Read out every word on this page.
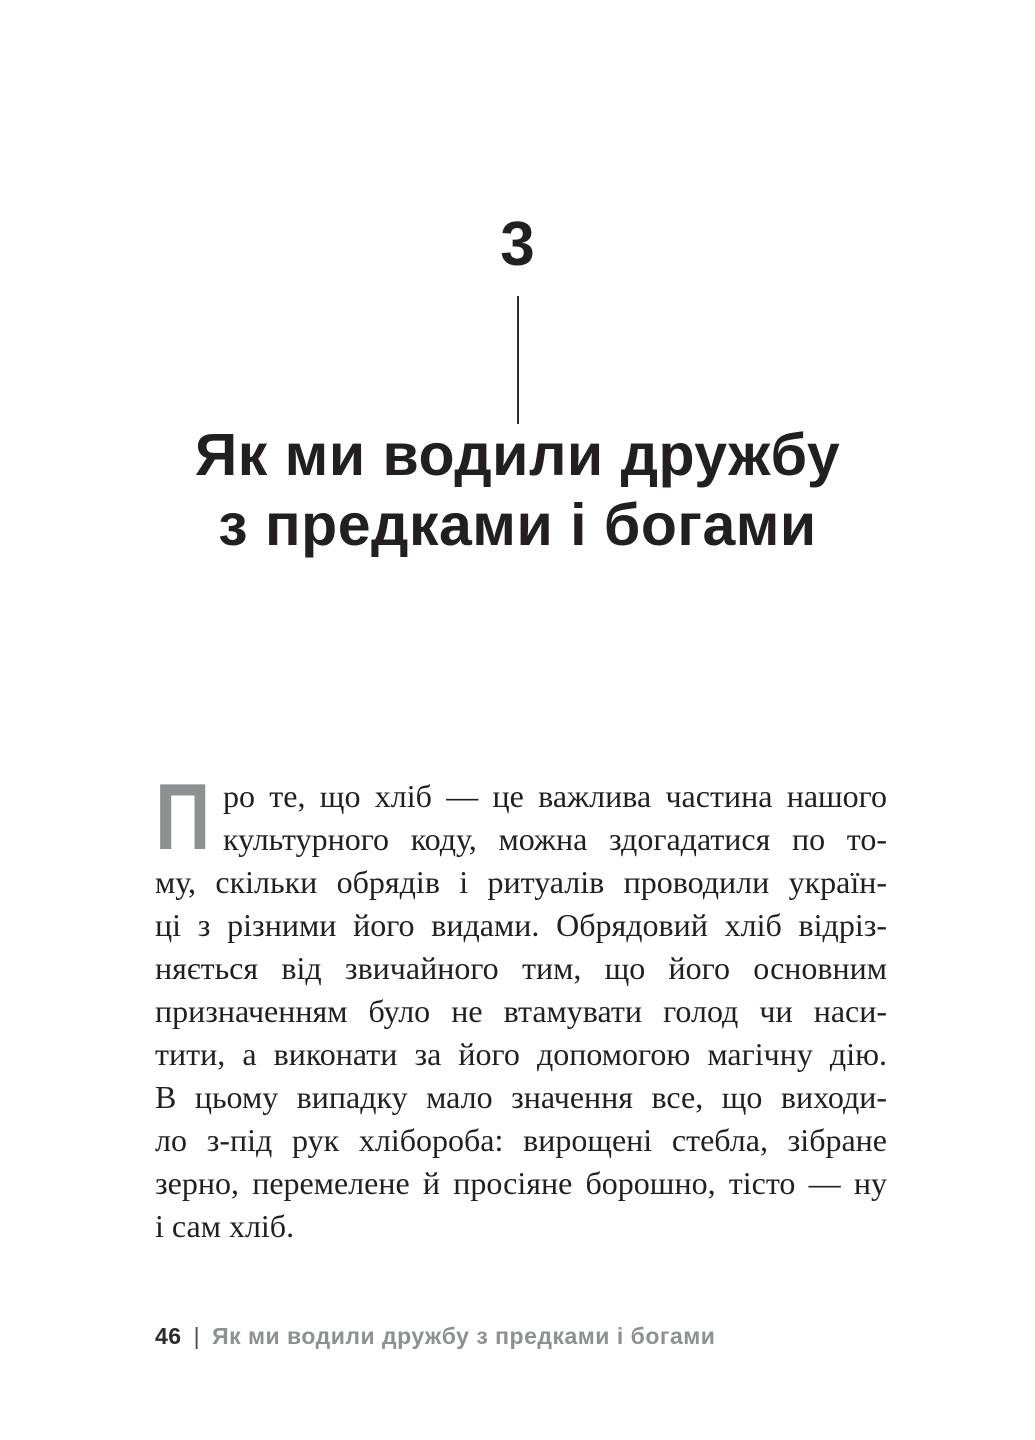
3
Як ми водили дружбу
з предками і богами
П ро те, що хліб — це важлива частина нашого
культурного коду, можна здогадатися по то-
му, скільки обрядів і ритуалів проводили україн-
ці з різними його видами. Обрядовий хліб відріз-
няється від звичайного тим, що його основним
призначенням було не втамувати голод чи наси-
тити, а виконати за його допомогою магічну дію.
В цьому випадку мало значення все, що виходи-
ло з-під рук хлібороба: вирощені стебла, зібране
зерно, перемелене й просіяне борошно, тісто — ну
і сам хліб.
46 | Як ми водили дружбу з предками і богами
